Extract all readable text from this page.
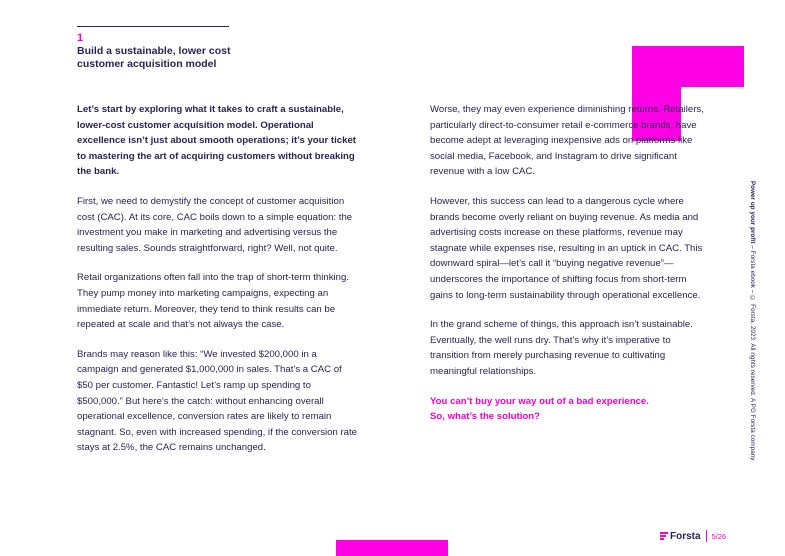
1
Build a sustainable, lower cost
customer acquisition model

Let’s start by exploring what it takes to craft a sustainable, lower-cost customer acquisition model. Operational excellence isn’t just about smooth operations; it’s your ticket to mastering the art of acquiring customers without breaking the bank.

First, we need to demystify the concept of customer acquisition cost (CAC). At its core, CAC boils down to a simple equation: the investment you make in marketing and advertising versus the resulting sales. Sounds straightforward, right? Well, not quite.

Retail organizations often fall into the trap of short-term thinking. They pump money into marketing campaigns, expecting an immediate return. Moreover, they tend to think results can be repeated at scale and that’s not always the case.

Brands may reason like this: “We invested $200,000 in a campaign and generated $1,000,000 in sales. That’s a CAC of $50 per customer. Fantastic! Let’s ramp up spending to $500,000.” But here’s the catch: without enhancing overall operational excellence, conversion rates are likely to remain stagnant. So, even with increased spending, if the conversion rate stays at 2.5%, the CAC remains unchanged.

Worse, they may even experience diminishing returns. Retailers, particularly direct-to-consumer retail e-commerce brands, have become adept at leveraging inexpensive ads on platforms like social media, Facebook, and Instagram to drive significant revenue with a low CAC.

However, this success can lead to a dangerous cycle where brands become overly reliant on buying revenue. As media and advertising costs increase on these platforms, revenue may stagnate while expenses rise, resulting in an uptick in CAC. This downward spiral—let’s call it “buying negative revenue”—underscores the importance of shifting focus from short-term gains to long-term sustainability through operational excellence.

In the grand scheme of things, this approach isn’t sustainable. Eventually, the well runs dry. That’s why it’s imperative to transition from merely purchasing revenue to cultivating meaningful relationships.

You can’t buy your way out of a bad experience.
So, what’s the solution?

Power up your profit – Forsta ebook – © Forsta, 2023. All rights reserved. A PG Forsta company
Forsta 5/26
